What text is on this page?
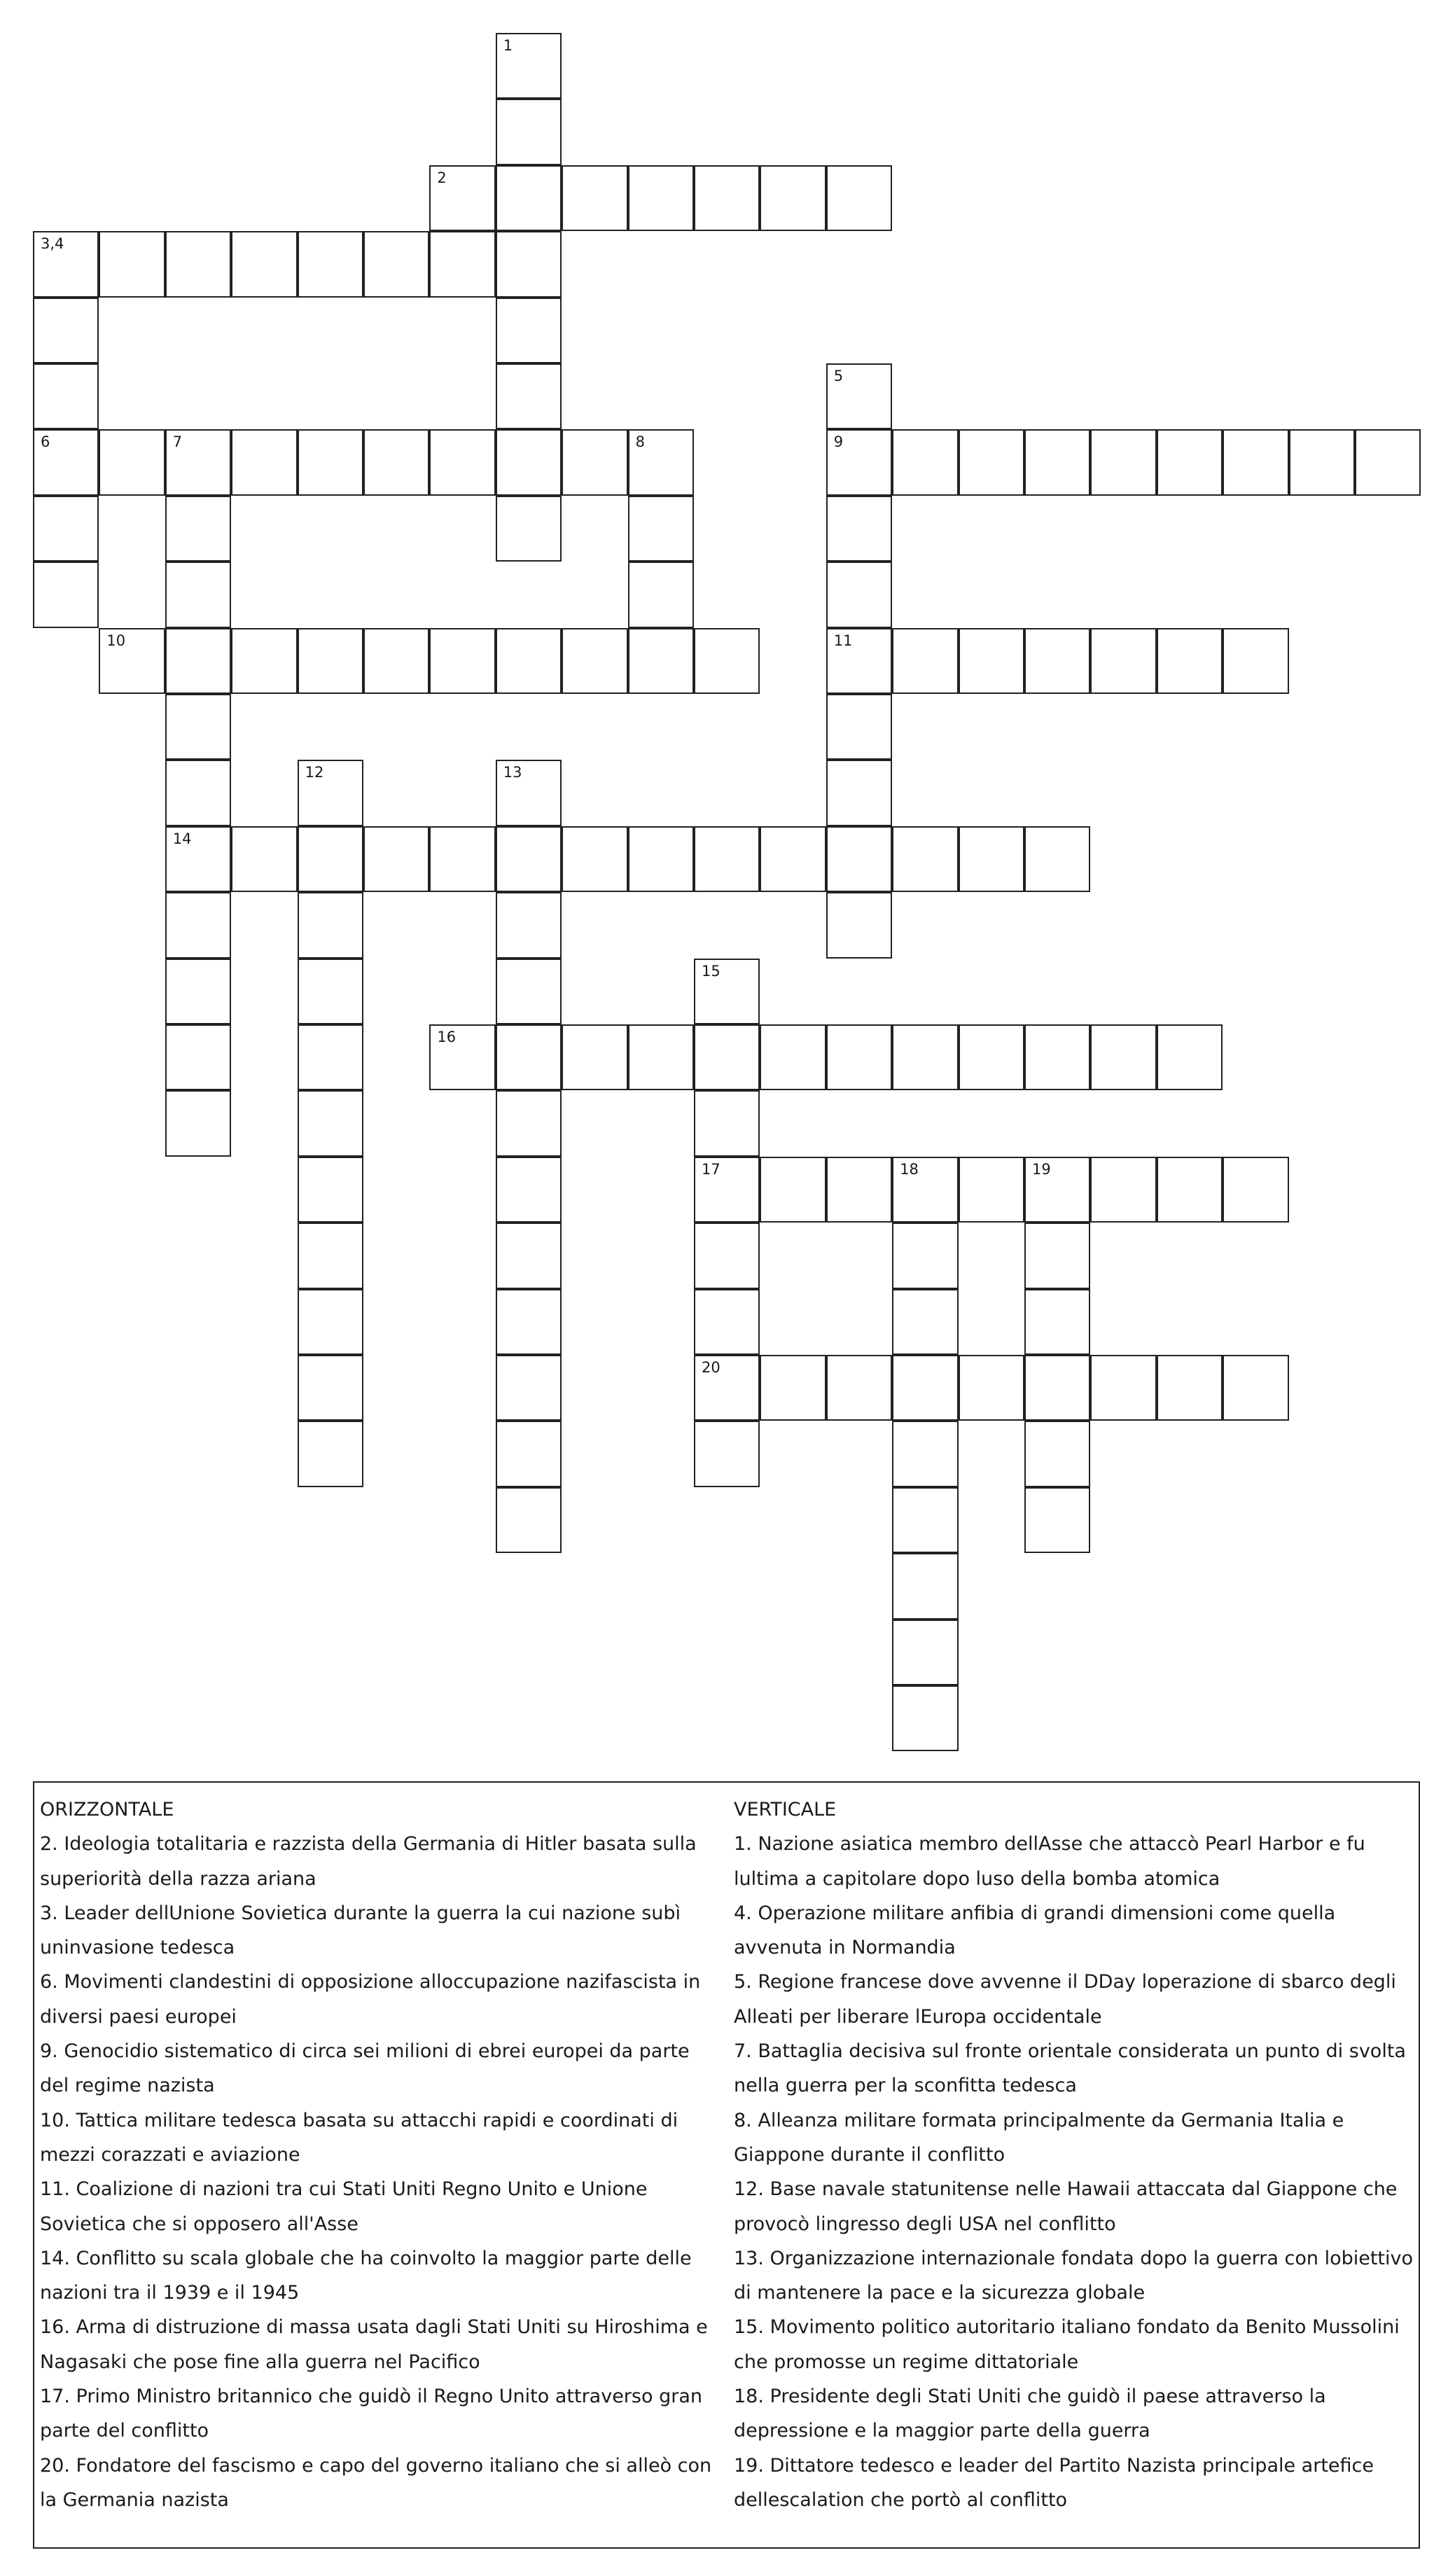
2
3,4
6	7	8	9
10	11
14
16
17	18	19
20
1
5
12	13
15
ORIZZONTALE
2. Ideologia totalitaria e razzista della Germania di Hitler basata sulla superiorità della razza ariana
3. Leader dellUnione Sovietica durante la guerra la cui nazione subì uninvasione tedesca
6. Movimenti clandestini di opposizione alloccupazione nazifascista in diversi paesi europei
9. Genocidio sistematico di circa sei milioni di ebrei europei da parte del regime nazista
10. Tattica militare tedesca basata su attacchi rapidi e coordinati di mezzi corazzati e aviazione
11. Coalizione di nazioni tra cui Stati Uniti Regno Unito e Unione Sovietica che si opposero all'Asse
14. Conflitto su scala globale che ha coinvolto la maggior parte delle nazioni tra il 1939 e il 1945
16. Arma di distruzione di massa usata dagli Stati Uniti su Hiroshima e Nagasaki che pose fine alla guerra nel Pacifico
17. Primo Ministro britannico che guidò il Regno Unito attraverso gran parte del conflitto
20. Fondatore del fascismo e capo del governo italiano che si alleò con la Germania nazista
VERTICALE
1. Nazione asiatica membro dellAsse che attaccò Pearl Harbor e fu lultima a capitolare dopo luso della bomba atomica
4. Operazione militare anfibia di grandi dimensioni come quella avvenuta in Normandia
5. Regione francese dove avvenne il DDay loperazione di sbarco degli Alleati per liberare lEuropa occidentale
7. Battaglia decisiva sul fronte orientale considerata un punto di svolta nella guerra per la sconfitta tedesca
8. Alleanza militare formata principalmente da Germania Italia e Giappone durante il conflitto
12. Base navale statunitense nelle Hawaii attaccata dal Giappone che provocò lingresso degli USA nel conflitto
13. Organizzazione internazionale fondata dopo la guerra con lobiettivo di mantenere la pace e la sicurezza globale
15. Movimento politico autoritario italiano fondato da Benito Mussolini che promosse un regime dittatoriale
18. Presidente degli Stati Uniti che guidò il paese attraverso la depressione e la maggior parte della guerra
19. Dittatore tedesco e leader del Partito Nazista principale artefice dellescalation che portò al conflitto
